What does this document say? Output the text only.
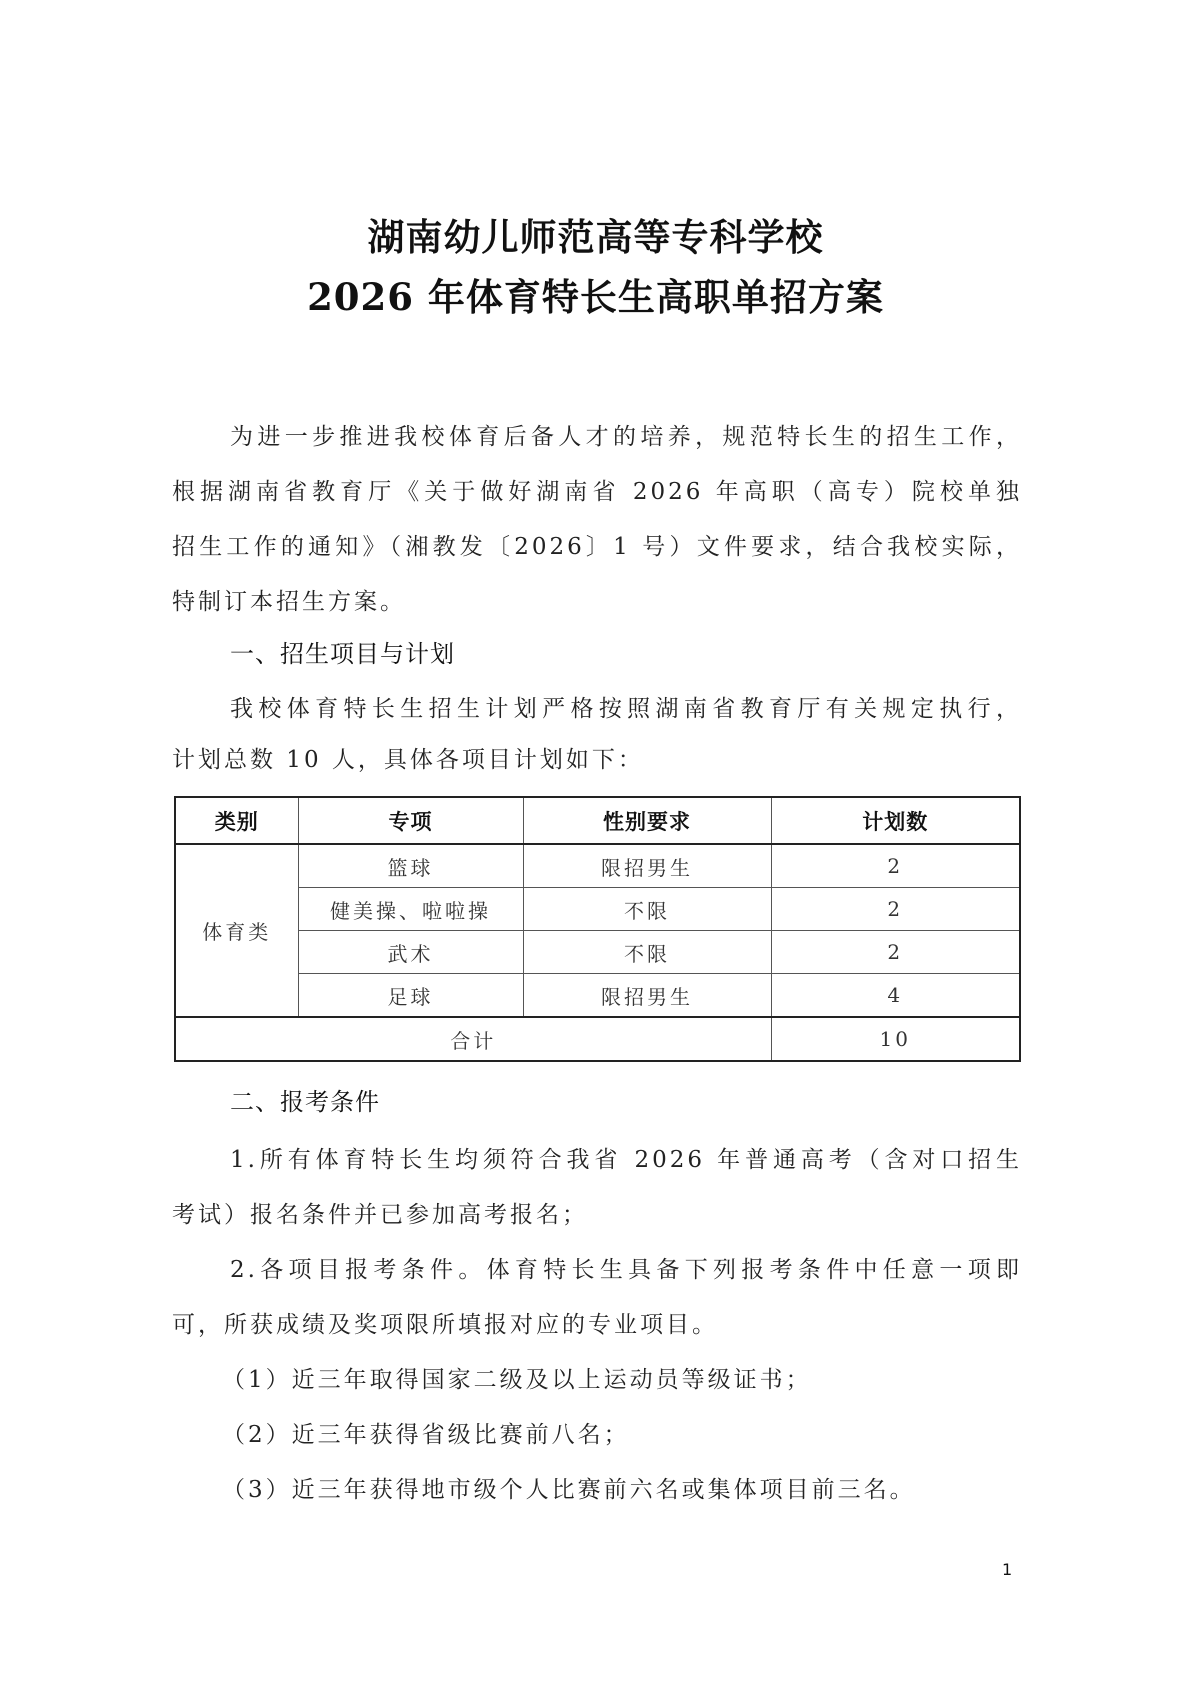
湖南幼儿师范高等专科学校
2026 年体育特长生高职单招方案
为进一步推进我校体育后备人才的培养，规范特长生的招生工作，
根据湖南省教育厅《关于做好湖南省 2026 年高职（高专）院校单独
招生工作的通知》（湘教发〔2026〕1 号）文件要求，结合我校实际，
特制订本招生方案。
一、招生项目与计划
我校体育特长生招生计划严格按照湖南省教育厅有关规定执行，
计划总数 10 人，具体各项目计划如下：
类别	专项	性别要求	计划数
体育类	篮球	限招男生	2
	健美操、啦啦操	不限	2
	武术	不限	2
	足球	限招男生	4
合计			10
二、报考条件
1.所有体育特长生均须符合我省 2026 年普通高考（含对口招生
考试）报名条件并已参加高考报名；
2.各项目报考条件。体育特长生具备下列报考条件中任意一项即
可，所获成绩及奖项限所填报对应的专业项目。
（1）近三年取得国家二级及以上运动员等级证书；
（2）近三年获得省级比赛前八名；
（3）近三年获得地市级个人比赛前六名或集体项目前三名。
1
